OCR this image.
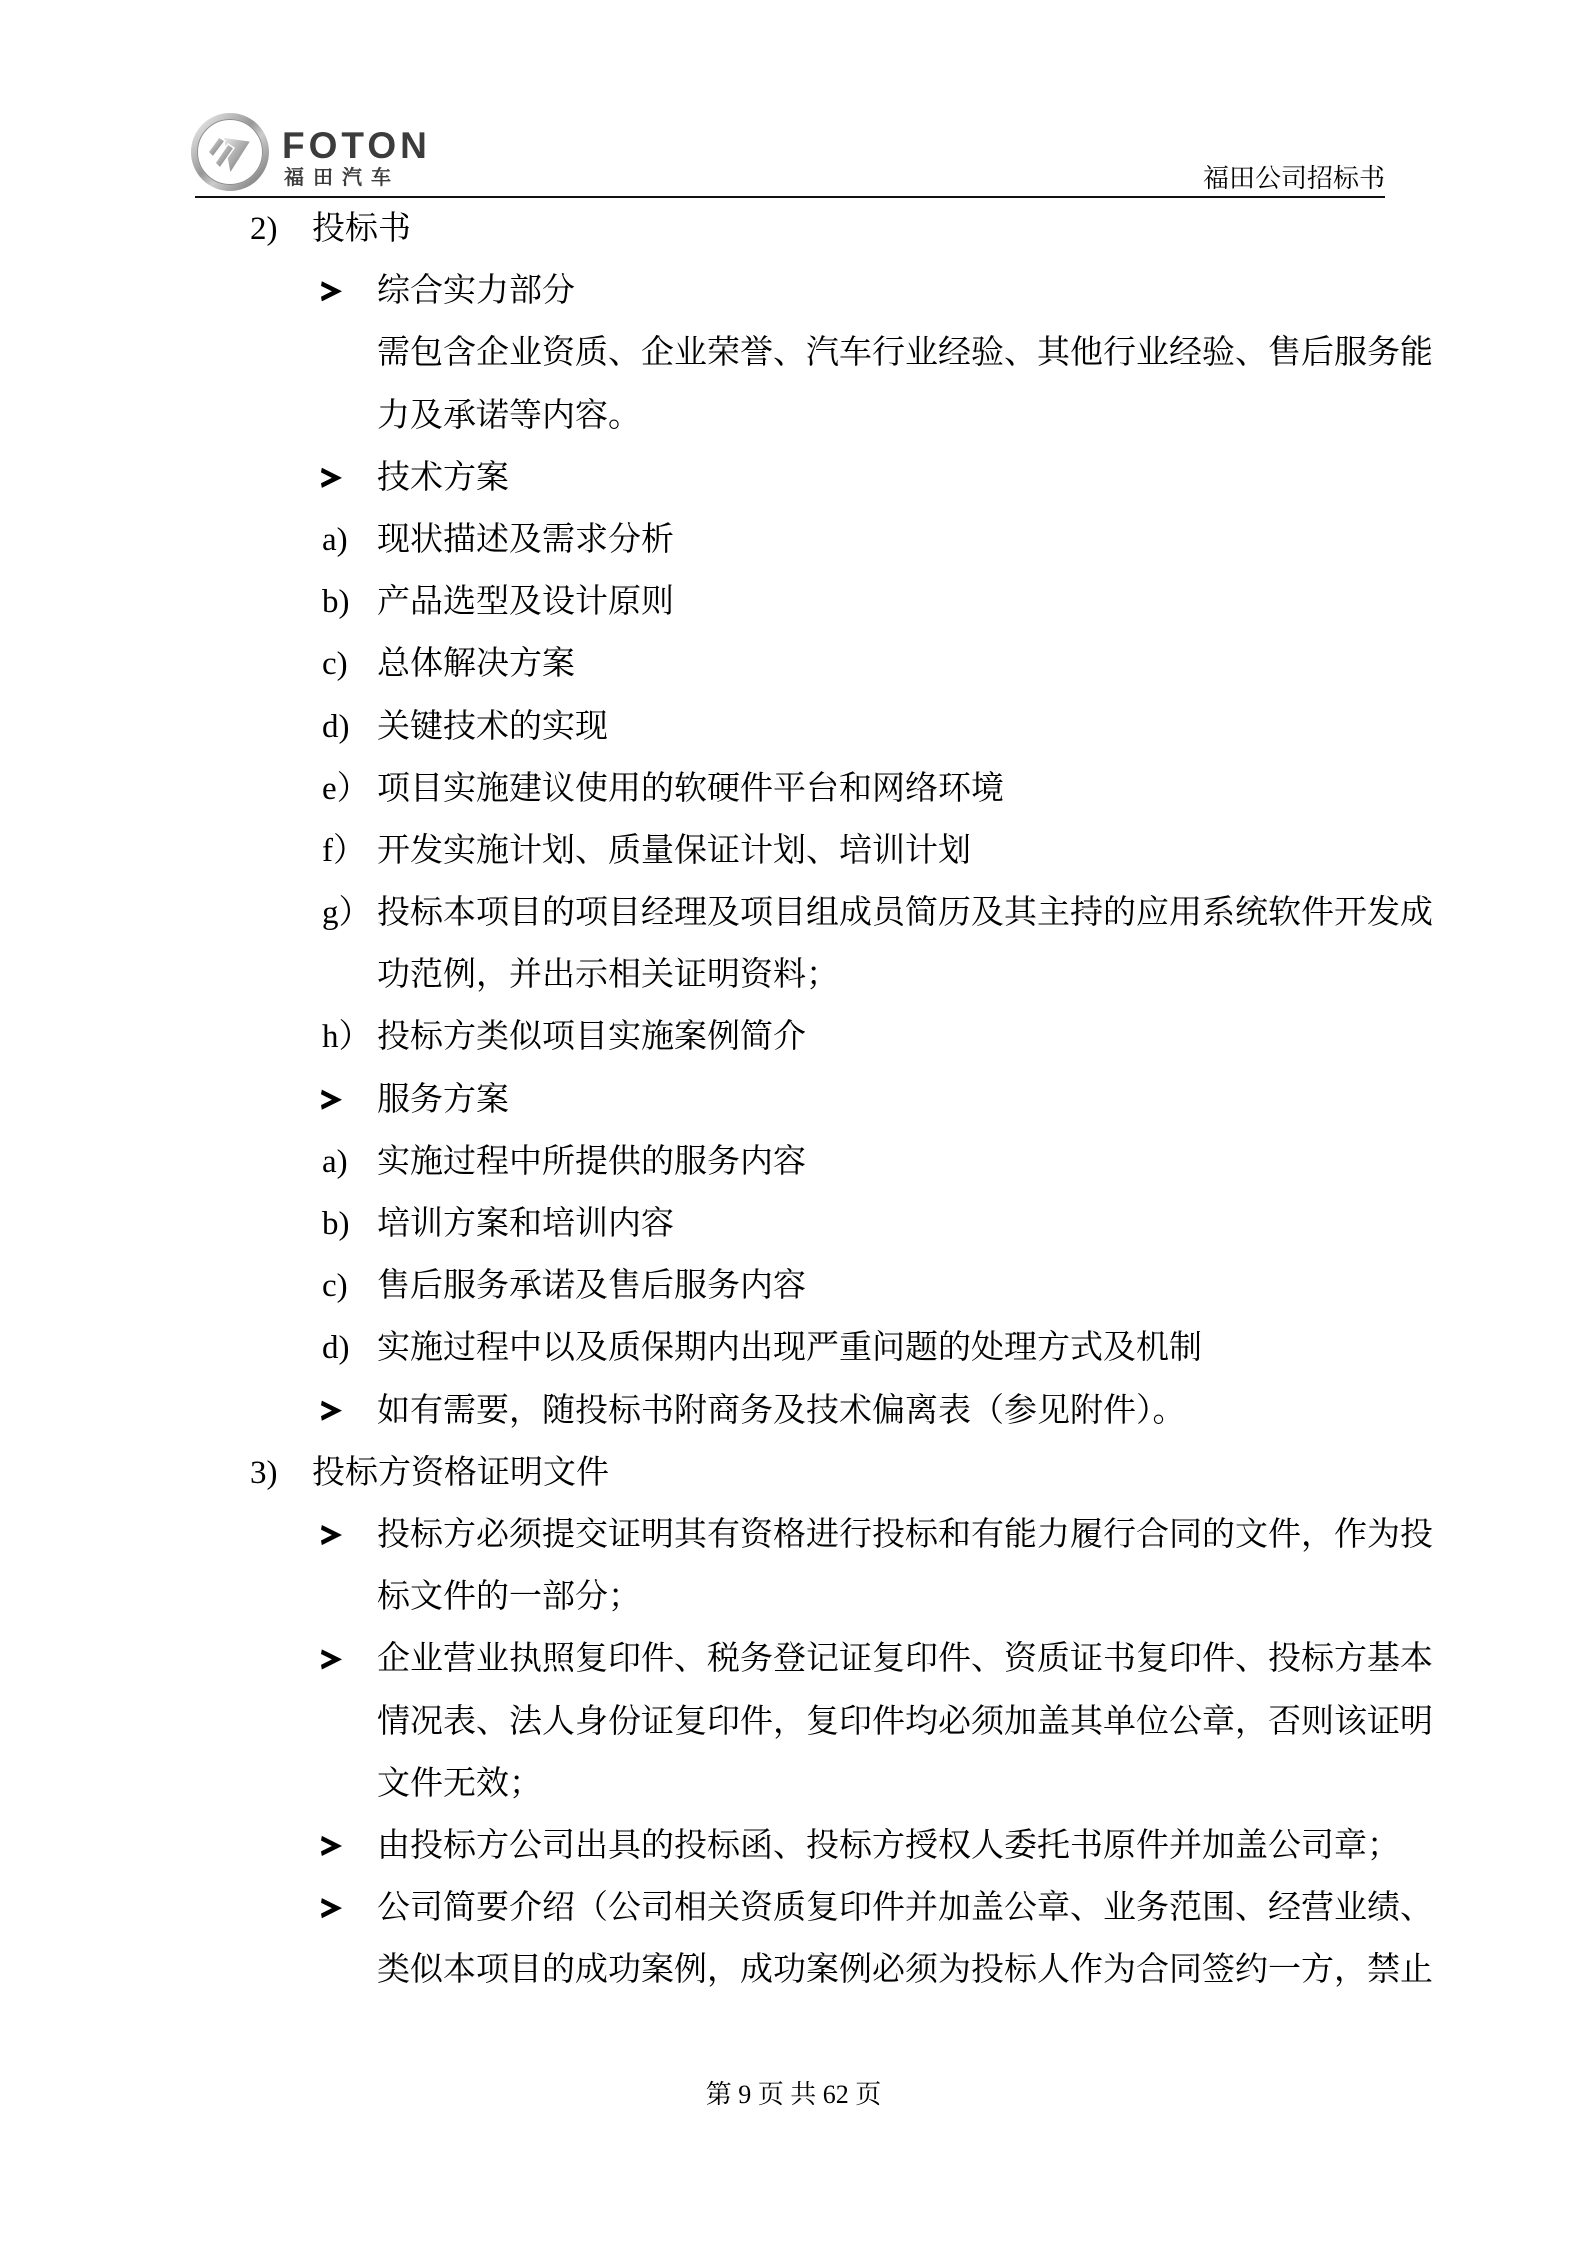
FOTON
福田汽车	福田公司招标书
2)	投标书
综合实力部分
需包含企业资质、企业荣誉、汽车行业经验、其他行业经验、售后服务能
力及承诺等内容。
技术方案
a) 现状描述及需求分析
b) 产品选型及设计原则
c) 总体解决方案
d) 关键技术的实现
e） 项目实施建议使用的软硬件平台和网络环境
f） 开发实施计划、质量保证计划、培训计划
g） 投标本项目的项目经理及项目组成员简历及其主持的应用系统软件开发成
功范例，并出示相关证明资料；
h） 投标方类似项目实施案例简介
服务方案
a) 实施过程中所提供的服务内容
b) 培训方案和培训内容
c) 售后服务承诺及售后服务内容
d) 实施过程中以及质保期内出现严重问题的处理方式及机制
如有需要，随投标书附商务及技术偏离表（参见附件）。
3)	投标方资格证明文件
投标方必须提交证明其有资格进行投标和有能力履行合同的文件，作为投
标文件的一部分；
企业营业执照复印件、税务登记证复印件、资质证书复印件、投标方基本
情况表、法人身份证复印件，复印件均必须加盖其单位公章，否则该证明
文件无效；
由投标方公司出具的投标函、投标方授权人委托书原件并加盖公司章；
公司简要介绍（公司相关资质复印件并加盖公章、业务范围、经营业绩、
类似本项目的成功案例，成功案例必须为投标人作为合同签约一方，禁止
第 9 页 共 62 页
